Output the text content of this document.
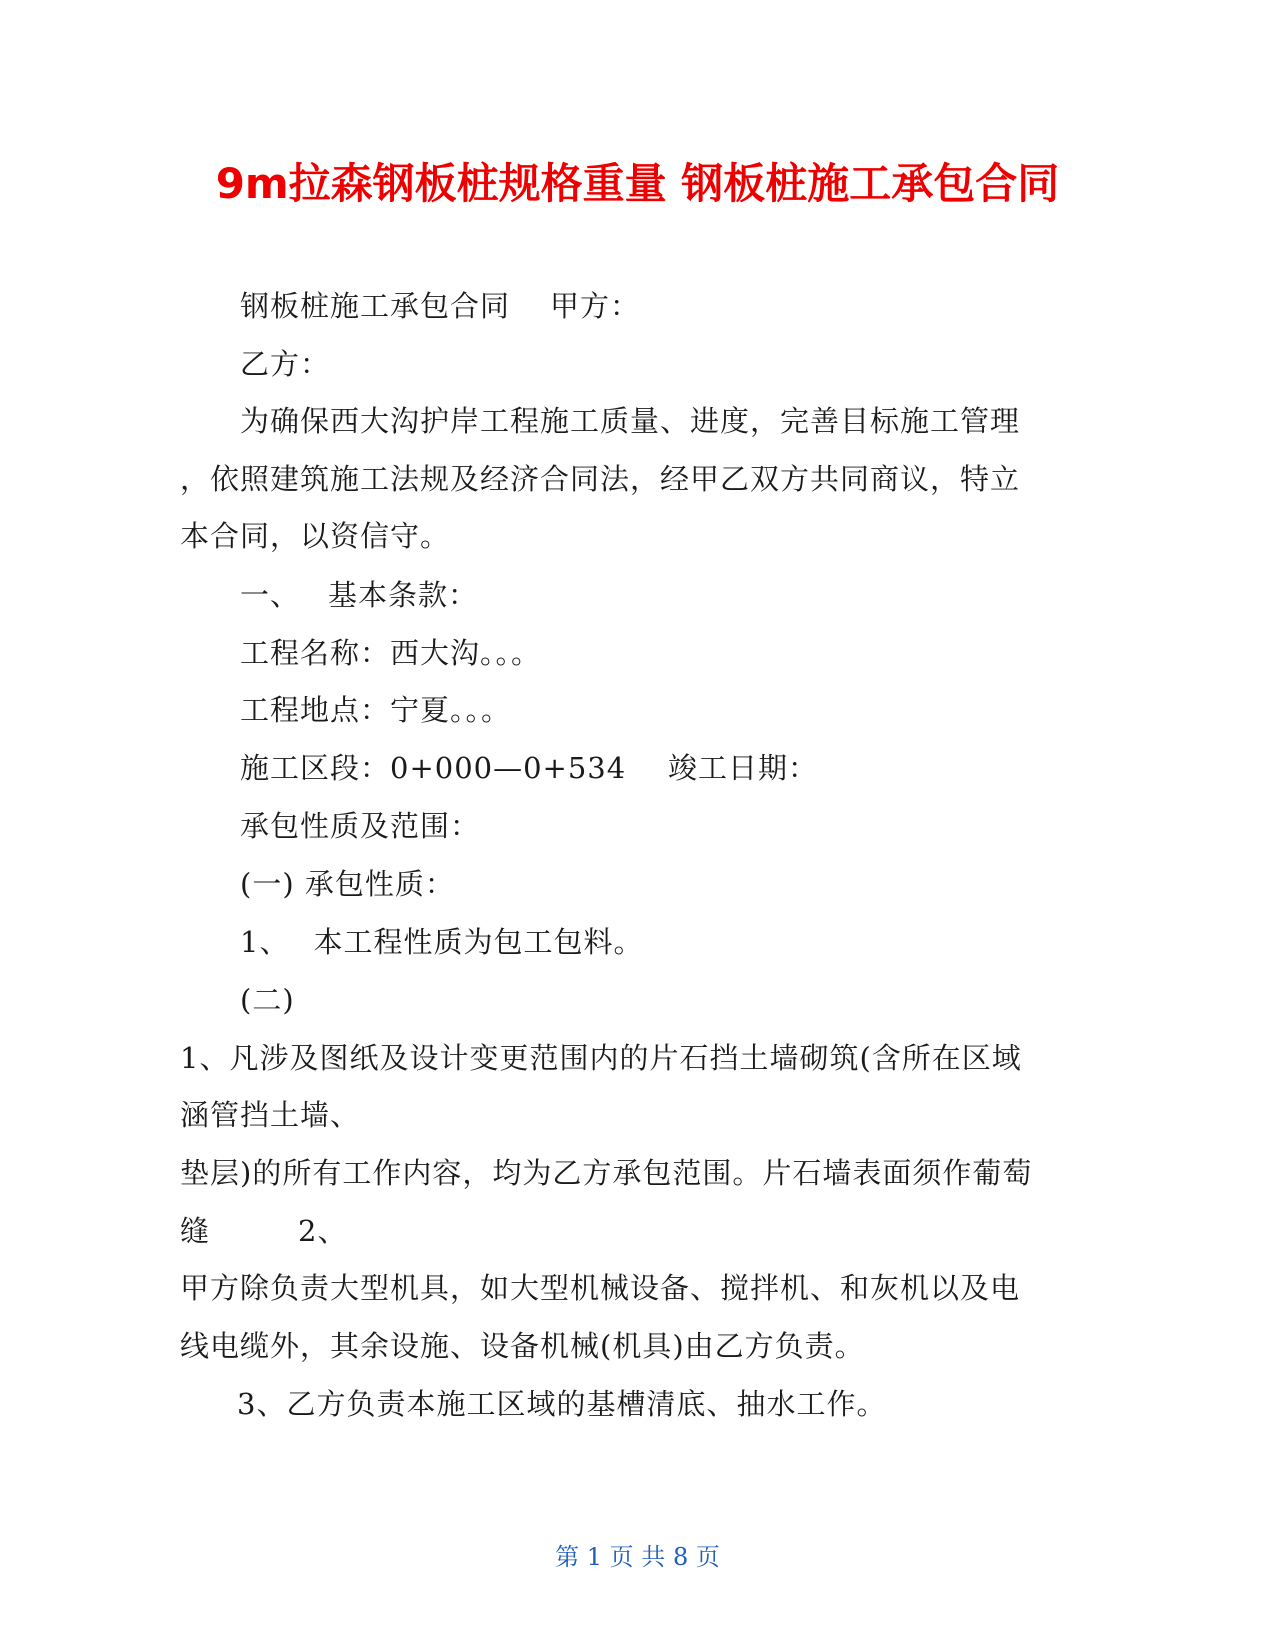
9m拉森钢板桩规格重量 钢板桩施工承包合同
钢板桩施工承包合同 甲方：
乙方：
为确保西大沟护岸工程施工质量、进度，完善目标施工管理
，依照建筑施工法规及经济合同法，经甲乙双方共同商议，特立
本合同，以资信守。
一、 基本条款：
工程名称：西大沟。。。
工程地点：宁夏。。。
施工区段：0+000—0+534 竣工日期：
承包性质及范围：
(一) 承包性质：
1、 本工程性质为包工包料。
(二)
1、凡涉及图纸及设计变更范围内的片石挡土墙砌筑(含所在区域
涵管挡土墙、
垫层)的所有工作内容，均为乙方承包范围。片石墙表面须作葡萄
缝	2、
甲方除负责大型机具，如大型机械设备、搅拌机、和灰机以及电
线电缆外，其余设施、设备机械(机具)由乙方负责。
3、乙方负责本施工区域的基槽清底、抽水工作。
第 1 页 共 8 页
